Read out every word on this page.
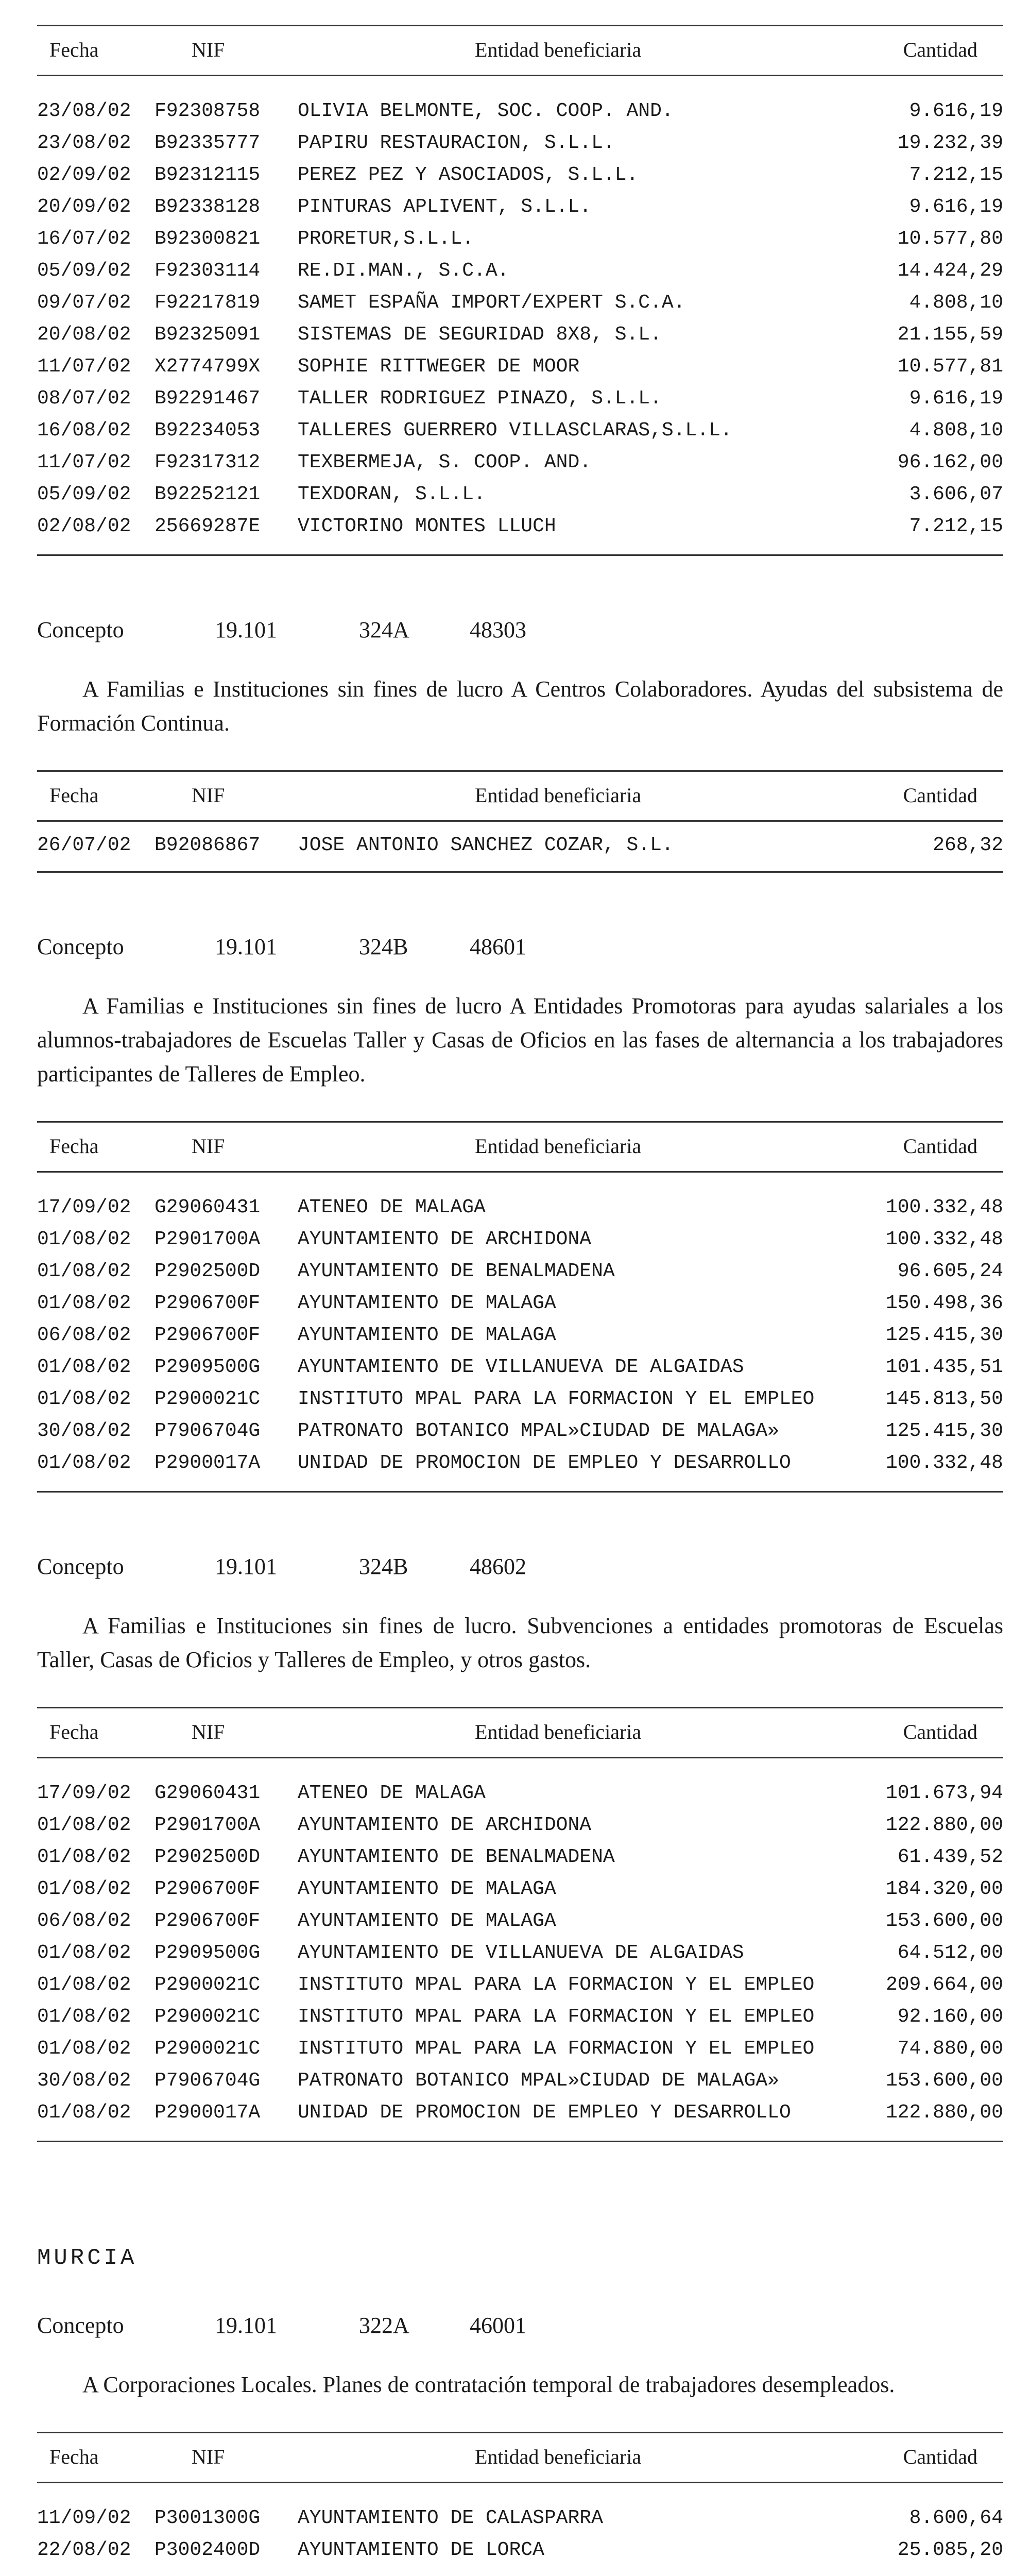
Fecha	NIF	Entidad beneficiaria	Cantidad
23/08/02 F92308758 OLIVIA BELMONTE, SOC. COOP. AND.	9.616,19
23/08/02 B92335777 PAPIRU RESTAURACION, S.L.L.	19.232,39
02/09/02 B92312115 PEREZ PEZ Y ASOCIADOS, S.L.L.	7.212,15
20/09/02 B92338128 PINTURAS APLIVENT, S.L.L.	9.616,19
16/07/02 B92300821 PRORETUR,S.L.L.	10.577,80
05/09/02 F92303114 RE.DI.MAN., S.C.A.	14.424,29
09/07/02 F92217819 SAMET ESPAÑA IMPORT/EXPERT S.C.A.	4.808,10
20/08/02 B92325091 SISTEMAS DE SEGURIDAD 8X8, S.L.	21.155,59
11/07/02 X2774799X SOPHIE RITTWEGER DE MOOR	10.577,81
08/07/02 B92291467 TALLER RODRIGUEZ PINAZO, S.L.L.	9.616,19
16/08/02 B92234053 TALLERES GUERRERO VILLASCLARAS,S.L.L.	4.808,10
11/07/02 F92317312 TEXBERMEJA, S. COOP. AND.	96.162,00
05/09/02 B92252121 TEXDORAN, S.L.L.	3.606,07
02/08/02 25669287E VICTORINO MONTES LLUCH	7.212,15
Concepto	19.101	324A	48303

A Familias e Instituciones sin fines de lucro A Centros Colaboradores. Ayudas del subsistema de Formación Continua.

Fecha	NIF	Entidad beneficiaria	Cantidad
26/07/02 B92086867 JOSE ANTONIO SANCHEZ COZAR, S.L.	268,32
Concepto	19.101	324B	48601

A Familias e Instituciones sin fines de lucro A Entidades Promotoras para ayudas salariales a los alumnos-trabajadores de Escuelas Taller y Casas de Oficios en las fases de alternancia a los trabajadores participantes de Talleres de Empleo.

Fecha	NIF	Entidad beneficiaria	Cantidad
17/09/02 G29060431 ATENEO DE MALAGA	100.332,48
01/08/02 P2901700A AYUNTAMIENTO DE ARCHIDONA	100.332,48
01/08/02 P2902500D AYUNTAMIENTO DE BENALMADENA	96.605,24
01/08/02 P2906700F AYUNTAMIENTO DE MALAGA	150.498,36
06/08/02 P2906700F AYUNTAMIENTO DE MALAGA	125.415,30
01/08/02 P2909500G AYUNTAMIENTO DE VILLANUEVA DE ALGAIDAS	101.435,51
01/08/02 P2900021C INSTITUTO MPAL PARA LA FORMACION Y EL EMPLEO	145.813,50
30/08/02 P7906704G PATRONATO BOTANICO MPAL»CIUDAD DE MALAGA»	125.415,30
01/08/02 P2900017A UNIDAD DE PROMOCION DE EMPLEO Y DESARROLLO	100.332,48
Concepto	19.101	324B	48602

A Familias e Instituciones sin fines de lucro. Subvenciones a entidades promotoras de Escuelas Taller, Casas de Oficios y Talleres de Empleo, y otros gastos.

Fecha	NIF	Entidad beneficiaria	Cantidad
17/09/02 G29060431 ATENEO DE MALAGA	101.673,94
01/08/02 P2901700A AYUNTAMIENTO DE ARCHIDONA	122.880,00
01/08/02 P2902500D AYUNTAMIENTO DE BENALMADENA	61.439,52
01/08/02 P2906700F AYUNTAMIENTO DE MALAGA	184.320,00
06/08/02 P2906700F AYUNTAMIENTO DE MALAGA	153.600,00
01/08/02 P2909500G AYUNTAMIENTO DE VILLANUEVA DE ALGAIDAS	64.512,00
01/08/02 P2900021C INSTITUTO MPAL PARA LA FORMACION Y EL EMPLEO	209.664,00
01/08/02 P2900021C INSTITUTO MPAL PARA LA FORMACION Y EL EMPLEO	92.160,00
01/08/02 P2900021C INSTITUTO MPAL PARA LA FORMACION Y EL EMPLEO	74.880,00
30/08/02 P7906704G PATRONATO BOTANICO MPAL»CIUDAD DE MALAGA»	153.600,00
01/08/02 P2900017A UNIDAD DE PROMOCION DE EMPLEO Y DESARROLLO	122.880,00
MURCIA
Concepto	19.101	322A	46001

A Corporaciones Locales. Planes de contratación temporal de trabajadores desempleados.

Fecha	NIF	Entidad beneficiaria	Cantidad
11/09/02 P3001300G AYUNTAMIENTO DE CALASPARRA	8.600,64
22/08/02 P3002400D AYUNTAMIENTO DE LORCA	25.085,20
